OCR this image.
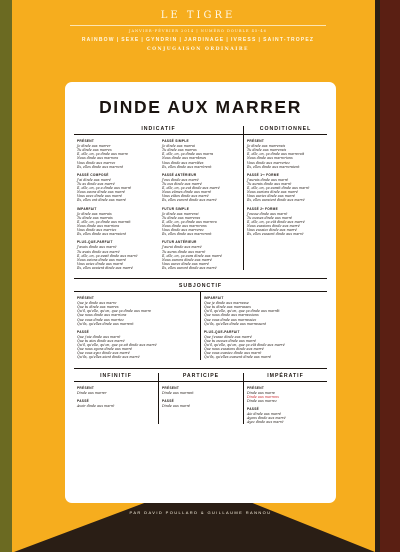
LE TIGRE
JANVIER-FÉVRIER 2014 | NUMÉRO DOUBLE 45-46
RAINBOW | SEXE | GYNDRIN | JARDINAGE | IVRESS | SAINT-TROPEZ
CONJUGAISON ORDINAIRE
DINDE AUX MARRER
INDICATIF
PRÉSENT
Je dinde aux marrer
Tu dinde aux marres
Il, elle, on, ça dinde aux marre
Nous dinde aux marrons
Vous dinde aux marrez
Ils, elles dinde aux marrent
PASSÉ COMPOSÉ
J'ai dinde aux marré
Tu as dinde aux marré
Il, elle, on, ça a dinde aux marré
Nous avons dinde aux marré
Vous avez dinde aux marré
Ils, elles ont dinde aux marré
IMPARFAIT
Je dinde aux marrais
Tu dinde aux marrais
Il, elle, on, ça dinde aux marrait
Nous dinde aux marrions
Vous dinde aux marriez
Ils, elles dinde aux marraient
PLUS-QUE-PARFAIT
J'avais dinde aux marré
Tu avais dinde aux marré
Il, elle, on, ça avait dinde aux marré
Nous avions dinde aux marré
Vous aviez dinde aux marré
Ils, elles avaient dinde aux marré
PASSÉ SIMPLE
Je dinde aux marrai
Tu dinde aux marras
Il, elle, on, ça dinde aux marra
Nous dinde aux marrâmes
Vous dinde aux marrâtes
Ils, elles dinde aux marrèrent
PASSÉ ANTÉRIEUR
J'eus dinde aux marré
Tu eus dinde aux marré
Il, elle, on, ça eut dinde aux marré
Nous eûmes dinde aux marré
Vous eûtes dinde aux marré
Ils, elles eurent dinde aux marré
FUTUR SIMPLE
Je dinde aux marrerai
Tu dinde aux marreras
Il, elle, on, ça dinde aux marrera
Nous dinde aux marrerons
Vous dinde aux marrerez
Ils, elles dinde aux marreront
FUTUR ANTÉRIEUR
J'aurai dinde aux marré
Tu auras dinde aux marré
Il, elle, on, ça aura dinde aux marré
Nous aurons dinde aux marré
Vous aurez dinde aux marré
Ils, elles auront dinde aux marré
CONDITIONNEL
PRÉSENT
Je dinde aux marrerais
Tu dinde aux marrerais
Il, elle, on, ça dinde aux marrerait
Nous dinde aux marrerions
Vous dinde aux marreriez
Ils, elles dinde aux marreraient
PASSÉ 1ʳᵉ FORME
J'aurais dinde aux marré
Tu aurais dinde aux marré
Il, elle, on, ça aurait dinde aux marré
Nous aurions dinde aux marré
Vous auriez dinde aux marré
Ils, elles auraient dinde aux marré
PASSÉ 2ᵉ FORME
J'eusse dinde aux marré
Tu eusses dinde aux marré
Il, elle, on, ça eût dinde aux marré
Nous eussions dinde aux marré
Vous eussiez dinde aux marré
Ils, elles eussent dinde aux marré
SUBJONCTIF
PRÉSENT
Que je dinde aux marre
Que tu dinde aux marres
Qu'il, qu'elle, qu'on, que ça dinde aux marre
Que nous dinde aux marrions
Que vous dinde aux marriez
Qu'ils, qu'elles dinde aux marrent
PASSÉ
Que j'aie dinde aux marré
Que tu aies dinde aux marré
Qu'il, qu'elle, qu'on, que ça ait dinde aux marré
Que nous ayons dinde aux marré
Que vous ayez dinde aux marré
Qu'ils, qu'elles aient dinde aux marré
IMPARFAIT
Que je dinde aux marrasse
Que tu dinde aux marrasses
Qu'il, qu'elle, qu'on, que ça dinde aux marrât
Que nous dinde aux marrassions
Que vous dinde aux marrassiez
Qu'ils, qu'elles dinde aux marrassent
PLUS-QUE-PARFAIT
Que j'eusse dinde aux marré
Que tu eusses dinde aux marré
Qu'il, qu'elle, qu'on, que ça eût dinde aux marré
Que nous eussions dinde aux marré
Que vous eussiez dinde aux marré
Qu'ils, qu'elles eussent dinde aux marré
INFINITIF
PRÉSENT
Dinde aux marrer
PASSÉ
Avoir dinde aux marré
PARTICIPE
PRÉSENT
Dinde aux marrant
PASSÉ
Dinde aux marré
IMPÉRATIF
PRÉSENT
Dinde aux marre
Dinde aux marrons
Dinde aux marrez
PASSÉ
Aie dinde aux marré
Ayons dinde aux marré
Ayez dinde aux marré
PAR DAVID POULLARD & GUILLAUME RANNOU
